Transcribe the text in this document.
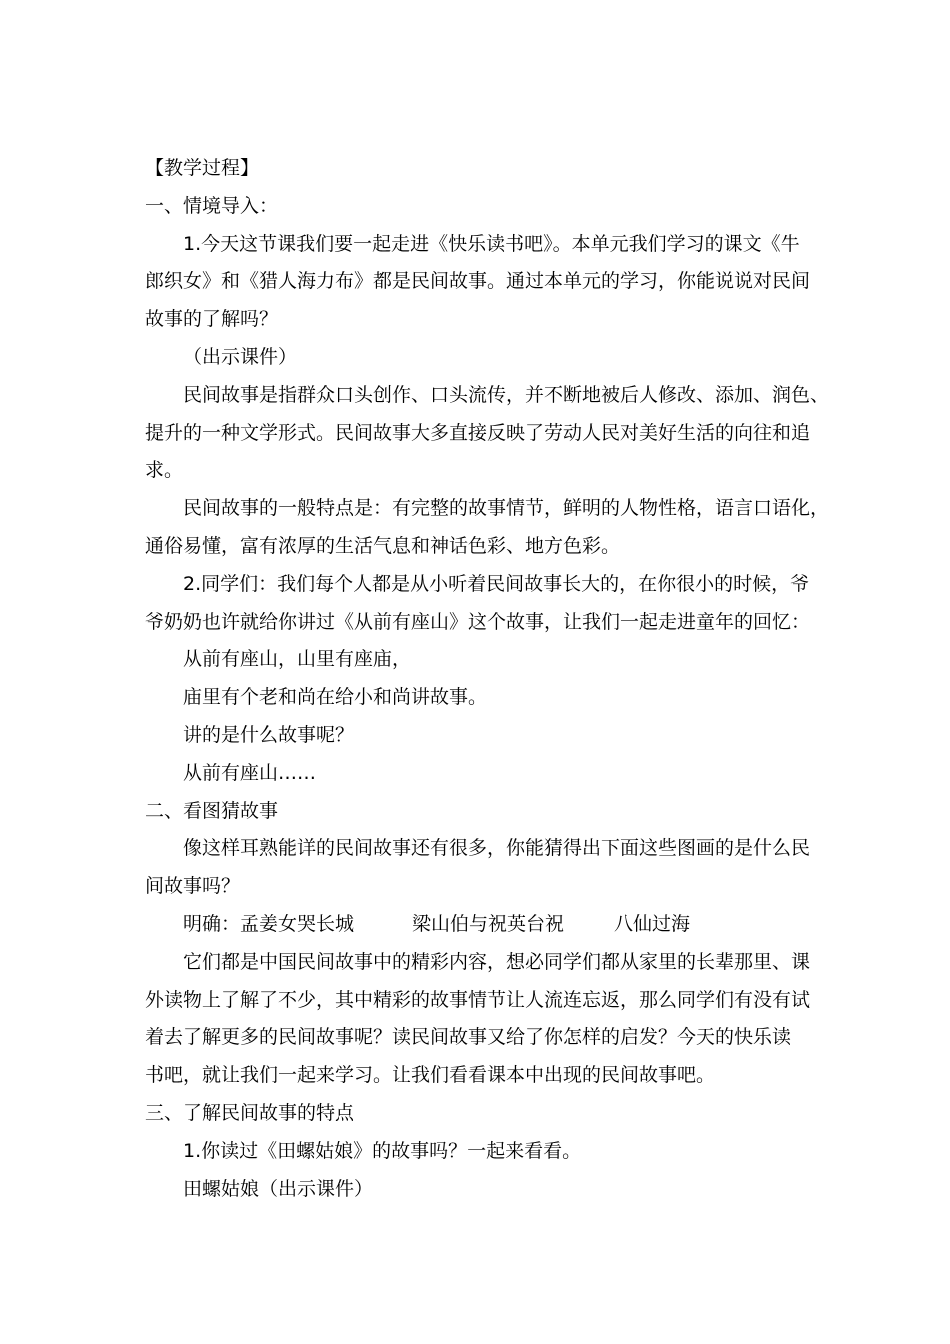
【教学过程】
一、情境导入：
1.今天这节课我们要一起走进《快乐读书吧》。本单元我们学习的课文《牛
郎织女》和《猎人海力布》都是民间故事。通过本单元的学习，你能说说对民间
故事的了解吗？
（出示课件）
民间故事是指群众口头创作、口头流传，并不断地被后人修改、添加、润色、
提升的一种文学形式。民间故事大多直接反映了劳动人民对美好生活的向往和追
求。
民间故事的一般特点是：有完整的故事情节，鲜明的人物性格，语言口语化，
通俗易懂，富有浓厚的生活气息和神话色彩、地方色彩。
2.同学们：我们每个人都是从小听着民间故事长大的，在你很小的时候，爷
爷奶奶也许就给你讲过《从前有座山》这个故事，让我们一起走进童年的回忆：
从前有座山，山里有座庙，
庙里有个老和尚在给小和尚讲故事。
讲的是什么故事呢？
从前有座山……
二、看图猜故事
像这样耳熟能详的民间故事还有很多，你能猜得出下面这些图画的是什么民
间故事吗？
明确： 孟姜女哭长城	梁山伯与祝英台祝	八仙过海
它们都是中国民间故事中的精彩内容，想必同学们都从家里的长辈那里、课
外读物上了解了不少，其中精彩的故事情节让人流连忘返，那么同学们有没有试
着去了解更多的民间故事呢？读民间故事又给了你怎样的启发？今天的快乐读
书吧，就让我们一起来学习。让我们看看课本中出现的民间故事吧。
三、了解民间故事的特点
1.你读过《田螺姑娘》的故事吗？一起来看看。
田螺姑娘（出示课件）
